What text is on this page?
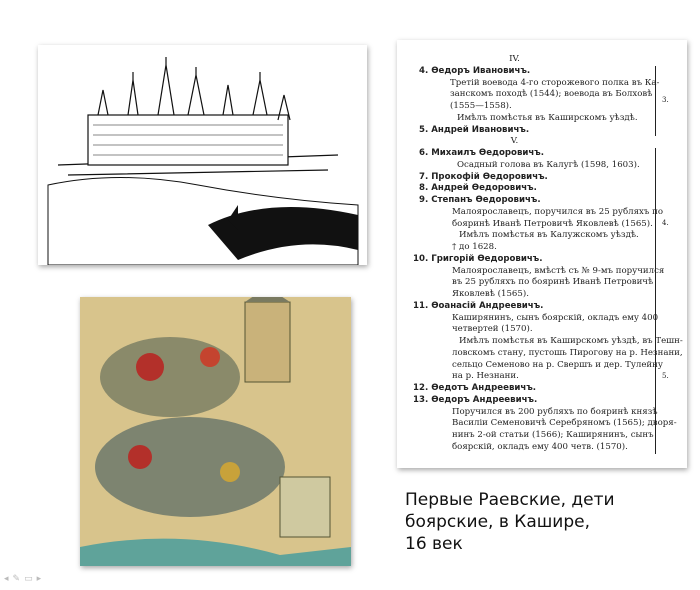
IV.
4. Ѳедоръ Ивановичъ.
Третій воевода 4-го сторожевого полка въ Ка-
занскомъ походѣ (1544); воевода въ Болховѣ
(1555—1558).
Имѣлъ помѣстья въ Каширскомъ уѣздѣ.
5. Андрей Ивановичъ.
V.
6. Михаилъ Ѳедоровичъ.
Осадный голова въ Калугѣ (1598, 1603).
7. Прокофій Ѳедоровичъ.
8. Андрей Ѳедоровичъ.
9. Степанъ Ѳедоровичъ.
Малоярославецъ, поручился въ 25 рубляхъ по
бояринѣ Иванѣ Петровичѣ Яковлевѣ (1565).
Имѣлъ помѣстья въ Калужскомъ уѣздѣ.
† до 1628.
10. Григорій Ѳедоровичъ.
Малоярославецъ, вмѣстѣ съ № 9-мъ поручился
въ 25 рубляхъ по бояринѣ Иванѣ Петровичѣ
Яковлевѣ (1565).
11. Ѳоанасій Андреевичъ.
Каширянинъ, сынъ боярскій, окладъ ему 400
четвертей (1570).
Имѣлъ помѣстья въ Каширскомъ уѣздѣ, въ Тешн-
ловскомъ стану, пустошь Пирогову на р. Незнани,
сельцо Семеново на р. Свершъ и дер. Тулейну
на р. Незнани.
12. Ѳедотъ Андреевичъ.
13. Ѳедоръ Андреевичъ.
Поручился въ 200 рубляхъ по бояринѣ князѣ
Василіи Семеновичѣ Серебряномъ (1565); дворя-
нинъ 2-ой статьи (1566); Каширянинъ, сынъ
боярскій, окладъ ему 400 четв. (1570).
3.
4.
5.
Первые Раевские, дети
боярские, в Кашире,
16 век
◂✎▭▸
